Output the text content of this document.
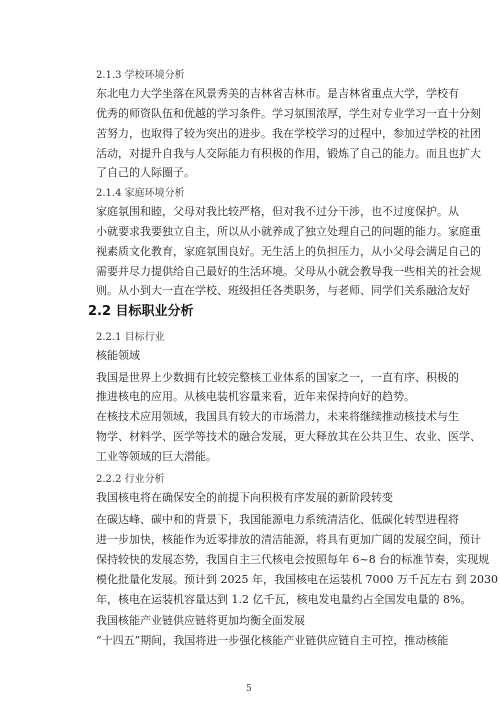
2.1.3 学校环境分析
东北电力大学坐落在风景秀美的吉林省吉林市。是吉林省重点大学，学校有
优秀的师资队伍和优越的学习条件。学习氛围浓厚，学生对专业学习一直十分刻
苦努力，也取得了较为突出的进步。我在学校学习的过程中，参加过学校的社团
活动，对提升自我与人交际能力有积极的作用，锻炼了自己的能力。而且也扩大
了自己的人际圈子。
2.1.4 家庭环境分析
家庭氛围和睦，父母对我比较严格，但对我不过分干涉，也不过度保护。从
小就要求我要独立自主，所以从小就养成了独立处理自己的问题的能力。家庭重
视素质文化教育，家庭氛围良好。无生活上的负担压力，从小父母会满足自己的
需要并尽力提供给自己最好的生活环境。父母从小就会教导我一些相关的社会规
则。从小到大一直在学校、班级担任各类职务，与老师、同学们关系融洽友好
2.2 目标职业分析
2.2.1 目标行业
核能领域
我国是世界上少数拥有比较完整核工业体系的国家之一，一直有序、积极的
推进核电的应用。从核电装机容量来看，近年来保持向好的趋势。
在核技术应用领域，我国具有较大的市场潜力，未来将继续推动核技术与生
物学、材料学、医学等技术的融合发展，更大释放其在公共卫生、农业、医学、
工业等领域的巨大潜能。
2.2.2 行业分析
我国核电将在确保安全的前提下向积极有序发展的新阶段转变
在碳达峰、碳中和的背景下，我国能源电力系统清洁化、低碳化转型进程将
进一步加快，核能作为近零排放的清洁能源，将具有更加广阔的发展空间，预计
保持较快的发展态势，我国自主三代核电会按照每年 6~8 台的标准节奏，实现规
模化批量化发展。预计到 2025 年，我国核电在运装机 7000 万千瓦左右 到 2030
年，核电在运装机容量达到 1.2 亿千瓦，核电发电量约占全国发电量的 8%。
我国核能产业链供应链将更加均衡全面发展
“十四五”期间，我国将进一步强化核能产业链供应链自主可控，推动核能
5
